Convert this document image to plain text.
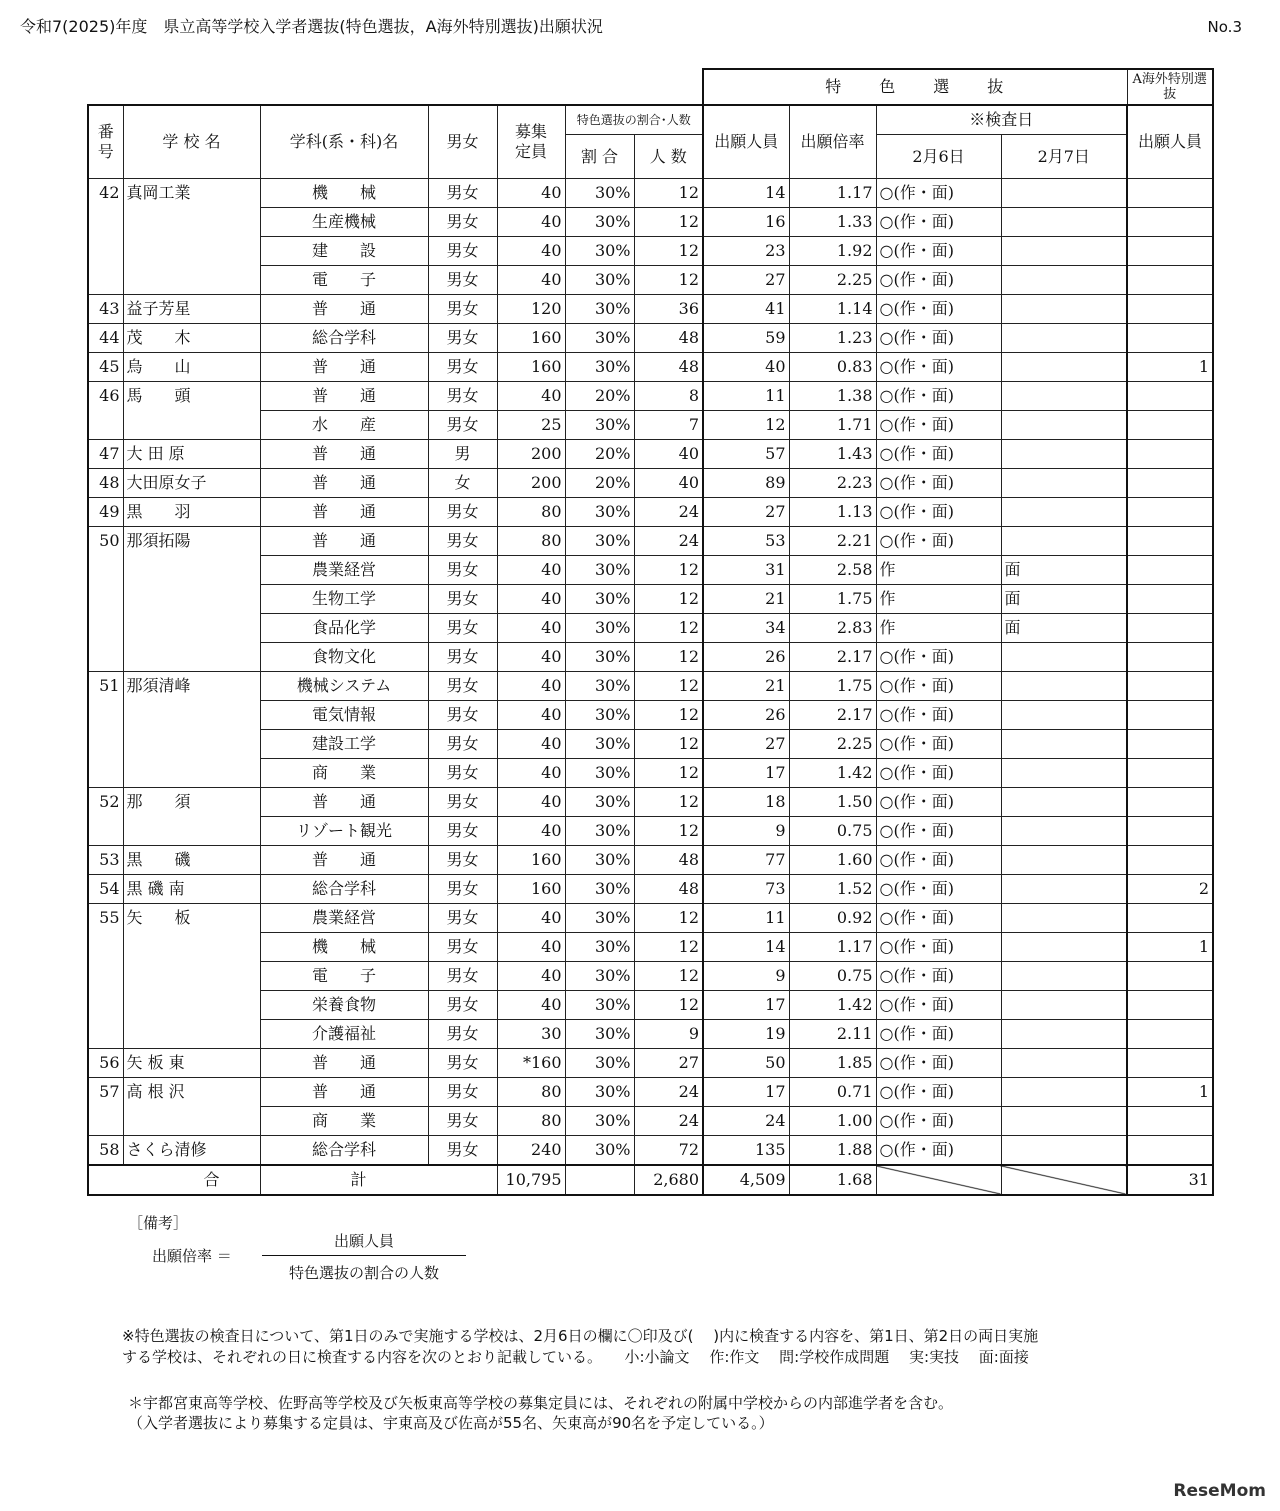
令和7(2025)年度　県立高等学校入学者選抜(特色選抜，A海外特別選抜)出願状況	No.3
							特　　色　　選　　抜				A海外特別選抜
番号	学 校 名	学科(系・科)名	男女	募集定員	特色選抜の割合･人数		出願人員	出願倍率	※検査日		出願人員
					割 合	人 数			2月6日	2月7日	
42	真岡工業	機　　械	男女	40	30%	12	14	1.17	○(作・面)		
		生産機械	男女	40	30%	12	16	1.33	○(作・面)		
		建　　設	男女	40	30%	12	23	1.92	○(作・面)		
		電　　子	男女	40	30%	12	27	2.25	○(作・面)		
43	益子芳星	普　　通	男女	120	30%	36	41	1.14	○(作・面)		
44	茂　　木	総合学科	男女	160	30%	48	59	1.23	○(作・面)		
45	烏　　山	普　　通	男女	160	30%	48	40	0.83	○(作・面)		1
46	馬　　頭	普　　通	男女	40	20%	8	11	1.38	○(作・面)		
		水　　産	男女	25	30%	7	12	1.71	○(作・面)		
47	大 田 原	普　　通	男	200	20%	40	57	1.43	○(作・面)		
48	大田原女子	普　　通	女	200	20%	40	89	2.23	○(作・面)		
49	黒　　羽	普　　通	男女	80	30%	24	27	1.13	○(作・面)		
50	那須拓陽	普　　通	男女	80	30%	24	53	2.21	○(作・面)		
		農業経営	男女	40	30%	12	31	2.58	作	面	
		生物工学	男女	40	30%	12	21	1.75	作	面	
		食品化学	男女	40	30%	12	34	2.83	作	面	
		食物文化	男女	40	30%	12	26	2.17	○(作・面)		
51	那須清峰	機械システム	男女	40	30%	12	21	1.75	○(作・面)		
		電気情報	男女	40	30%	12	26	2.17	○(作・面)		
		建設工学	男女	40	30%	12	27	2.25	○(作・面)		
		商　　業	男女	40	30%	12	17	1.42	○(作・面)		
52	那　　須	普　　通	男女	40	30%	12	18	1.50	○(作・面)		
		リゾート観光	男女	40	30%	12	9	0.75	○(作・面)		
53	黒　　磯	普　　通	男女	160	30%	48	77	1.60	○(作・面)		
54	黒 磯 南	総合学科	男女	160	30%	48	73	1.52	○(作・面)		2
55	矢　　板	農業経営	男女	40	30%	12	11	0.92	○(作・面)		
		機　　械	男女	40	30%	12	14	1.17	○(作・面)		1
		電　　子	男女	40	30%	12	9	0.75	○(作・面)		
		栄養食物	男女	40	30%	12	17	1.42	○(作・面)		
		介護福祉	男女	30	30%	9	19	2.11	○(作・面)		
56	矢 板 東	普　　通	男女	*160	30%	27	50	1.85	○(作・面)		
57	高 根 沢	普　　通	男女	80	30%	24	17	0.71	○(作・面)		1
		商　　業	男女	80	30%	24	24	1.00	○(作・面)		
58	さくら清修	総合学科	男女	240	30%	72	135	1.88	○(作・面)		
合		計		10,795		2,680	4,509	1.68			31
［備考］
出願倍率 ＝
出願人員
特色選抜の割合の人数
※特色選抜の検査日について、第1日のみで実施する学校は、2月6日の欄に〇印及び(　 )内に検査する内容を、第1日、第2日の両日実施
する学校は、それぞれの日に検査する内容を次のとおり記載している。　　小:小論文　 作:作文　 問:学校作成問題　 実:実技　 面:面接
＊宇都宮東高等学校、佐野高等学校及び矢板東高等学校の募集定員には、それぞれの附属中学校からの内部進学者を含む。
（入学者選抜により募集する定員は、宇東高及び佐高が55名、矢東高が90名を予定している。）
ReseMom
